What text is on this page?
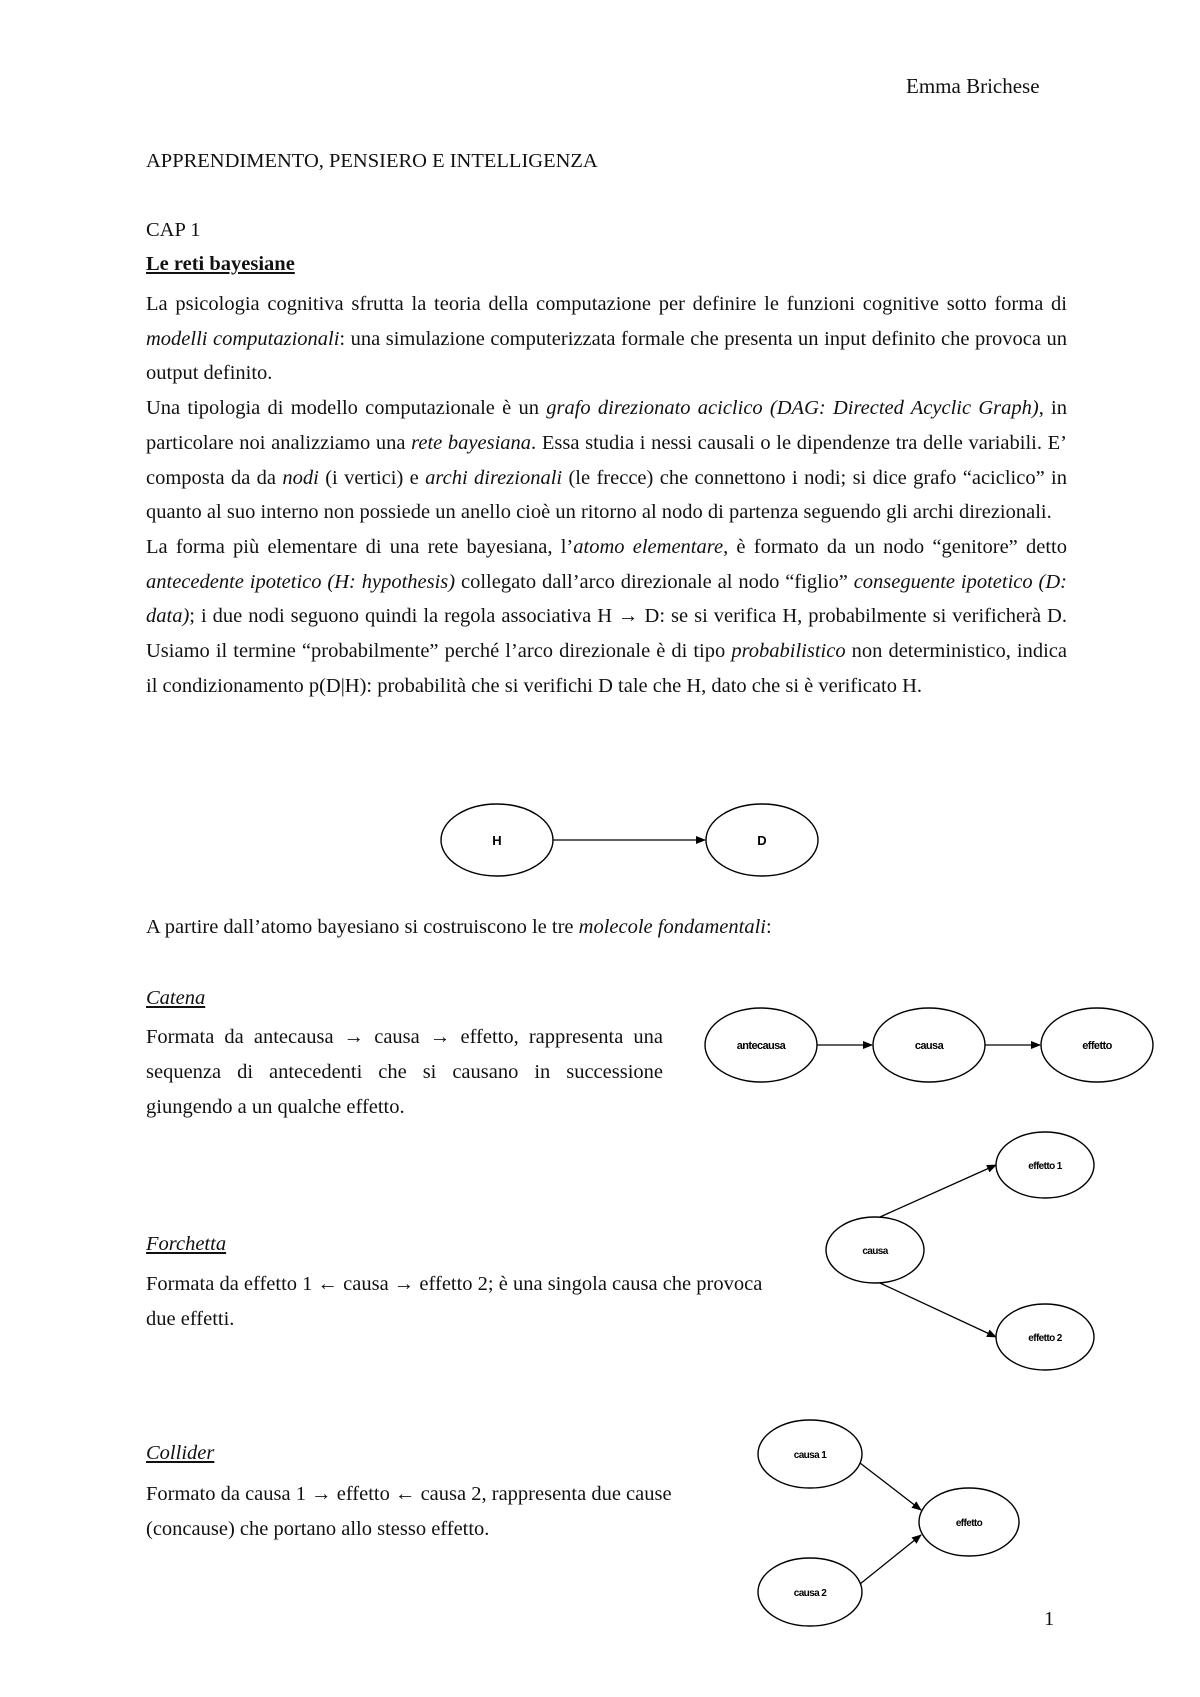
Emma Brichese
APPRENDIMENTO, PENSIERO E INTELLIGENZA
CAP 1
Le reti bayesiane

La psicologia cognitiva sfrutta la teoria della computazione per definire le funzioni cognitive sotto forma di modelli computazionali: una simulazione computerizzata formale che presenta un input definito che provoca un output definito.

Una tipologia di modello computazionale è un grafo direzionato aciclico (DAG: Directed Acyclic Graph), in particolare noi analizziamo una rete bayesiana. Essa studia i nessi causali o le dipendenze tra delle variabili. E’ composta da da nodi (i vertici) e archi direzionali (le frecce) che connettono i nodi; si dice grafo “aciclico” in quanto al suo interno non possiede un anello cioè un ritorno al nodo di partenza seguendo gli archi direzionali.

La forma più elementare di una rete bayesiana, l’atomo elementare, è formato da un nodo “genitore” detto antecedente ipotetico (H: hypothesis) collegato dall’arco direzionale al nodo “figlio” conseguente ipotetico (D: data); i due nodi seguono quindi la regola associativa H → D: se si verifica H, probabilmente si verificherà D. Usiamo il termine “probabilmente” perché l’arco direzionale è di tipo probabilistico non deterministico, indica il condizionamento p(D|H): probabilità che si verifichi D tale che H, dato che si è verificato H.

A partire dall’atomo bayesiano si costruiscono le tre molecole fondamentali:
Catena
Formata da antecausa → causa → effetto, rappresenta una sequenza di antecedenti che si causano in successione giungendo a un qualche effetto.
Forchetta
Formata da effetto 1 ← causa → effetto 2; è una singola causa che provoca due effetti.
Collider
Formato da causa 1 → effetto ← causa 2, rappresenta due cause (concause) che portano allo stesso effetto.
1
H	D
antecausa	causa	effetto
causa
effetto 1
effetto 2
causa 1
causa 2
effetto
